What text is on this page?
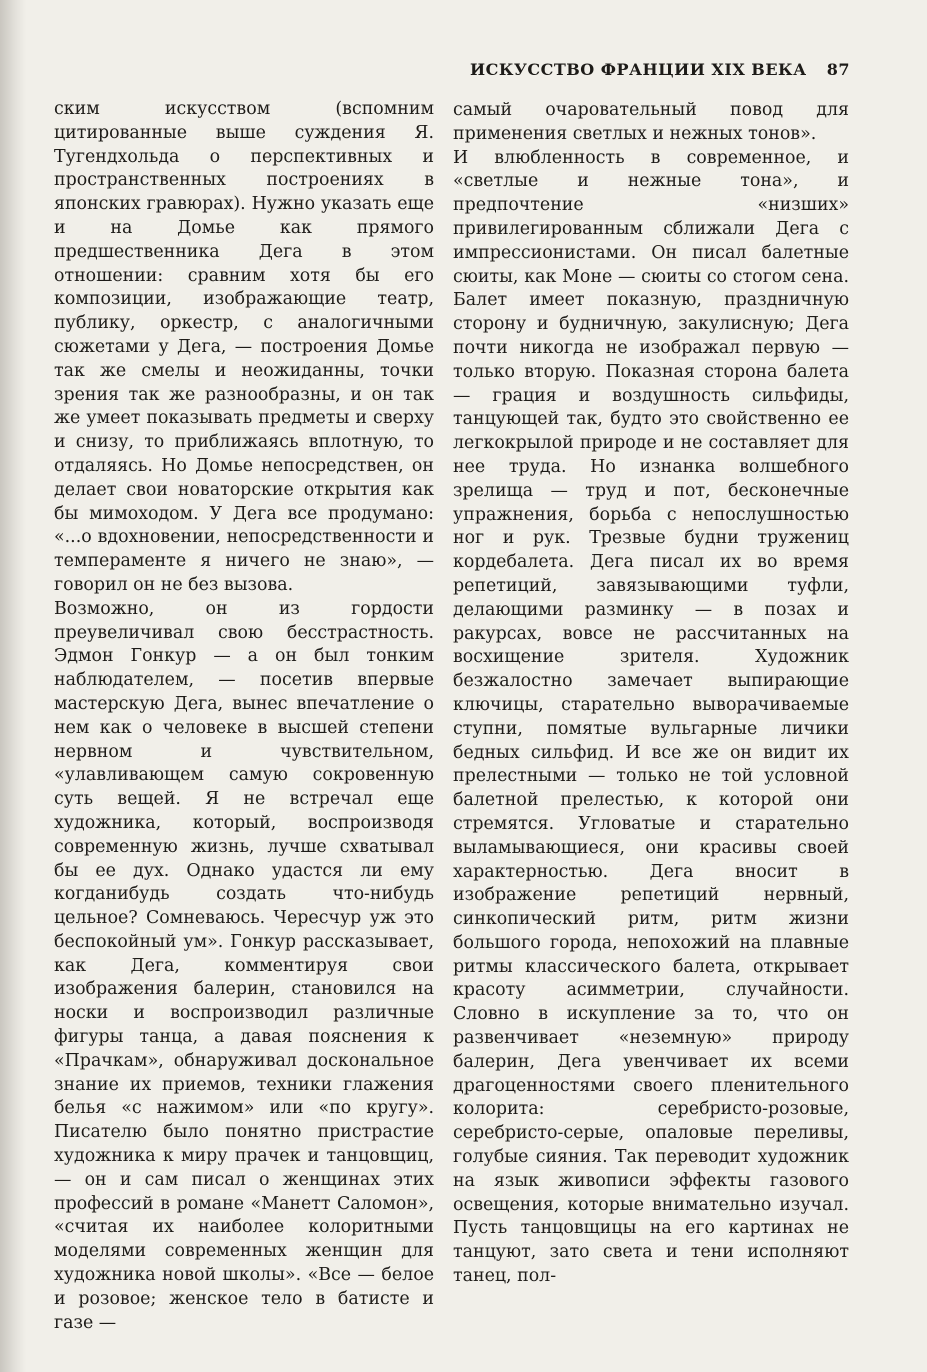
ИСКУССТВО ФРАНЦИИ XIX ВЕКА 87

ским искусством (вспомним цитированные выше суждения Я. Тугендхольда о перспективных и пространственных построениях в японских гравюрах). Нужно указать еще и на Домье как прямого предшественника Дега в этом отношении: сравним хотя бы его композиции, изображающие театр, публику, оркестр, с аналогичными сюжетами у Дега, — построения Домье так же смелы и неожиданны, точки зрения так же разнообразны, и он так же умеет показывать предметы и сверху и снизу, то приближаясь вплотную, то отдаляясь. Но Домье непосредствен, он делает свои новаторские открытия как бы мимоходом. У Дега все продумано: «...о вдохновении, непосредственности и темпераменте я ничего не знаю», — говорил он не без вызова.

Возможно, он из гордости преувеличивал свою бесстрастность. Эдмон Гонкур — а он был тонким наблюдателем, — посетив впервые мастерскую Дега, вынес впечатление о нем как о человеке в высшей степени нервном и чувствительном, «улавливающем самую сокровенную суть вещей. Я не встречал еще художника, который, воспроизводя современную жизнь, лучше схватывал бы ее дух. Однако удастся ли ему когданибудь создать что-нибудь цельное? Сомневаюсь. Чересчур уж это беспокойный ум». Гонкур рассказывает, как Дега, комментируя свои изображения балерин, становился на носки и воспроизводил различные фигуры танца, а давая пояснения к «Прачкам», обнаруживал доскональное знание их приемов, техники глажения белья «с нажимом» или «по кругу». Писателю было понятно пристрастие художника к миру прачек и танцовщиц, — он и сам писал о женщинах этих профессий в романе «Манетт Саломон», «считая их наиболее колоритными моделями современных женщин для художника новой школы». «Все — белое и розовое; женское тело в батисте и газе —

самый очаровательный повод для применения светлых и нежных тонов».

И влюбленность в современное, и «светлые и нежные тона», и предпочтение «низших» привилегированным сближали Дега с импрессионистами. Он писал балетные сюиты, как Моне — сюиты со стогом сена. Балет имеет показную, праздничную сторону и будничную, закулисную; Дега почти никогда не изображал первую — только вторую. Показная сторона балета — грация и воздушность сильфиды, танцующей так, будто это свойственно ее легкокрылой природе и не составляет для нее труда. Но изнанка волшебного зрелища — труд и пот, бесконечные упражнения, борьба с непослушностью ног и рук. Трезвые будни тружениц кордебалета. Дега писал их во время репетиций, завязывающими туфли, делающими разминку — в позах и ракурсах, вовсе не рассчитанных на восхищение зрителя. Художник безжалостно замечает выпирающие ключицы, старательно выворачиваемые ступни, помятые вульгарные личики бедных сильфид. И все же он видит их прелестными — только не той условной балетной прелестью, к которой они стремятся. Угловатые и старательно выламывающиеся, они красивы своей характерностью. Дега вносит в изображение репетиций нервный, синкопический ритм, ритм жизни большого города, непохожий на плавные ритмы классического балета, открывает красоту асимметрии, случайности. Словно в искупление за то, что он развенчивает «неземную» природу балерин, Дега увенчивает их всеми драгоценностями своего пленительного колорита: серебристо-розовые, серебристо-серые, опаловые переливы, голубые сияния. Так переводит художник на язык живописи эффекты газового освещения, которые внимательно изучал. Пусть танцовщицы на его картинах не танцуют, зато света и тени исполняют танец, пол-
